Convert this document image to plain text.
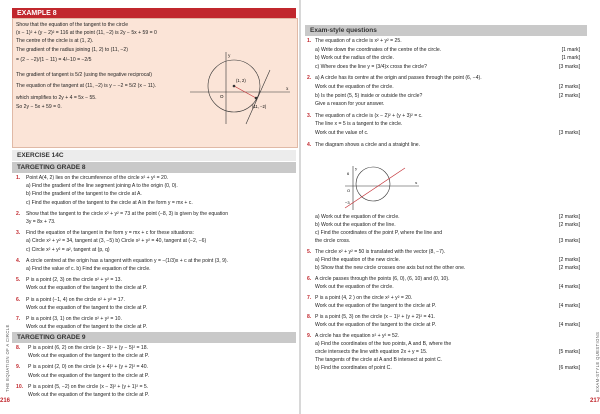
216
THE EQUATION OF A CIRCLE
EXAMPLE 8
Show that the equation of the tangent to the circle
(x − 1)² + (y − 2)² = 116 at the point (11, −2) is 2y − 5x + 59 = 0
The centre of the circle is at (1, 2).
The gradient of the radius joining (1, 2) to (11, −2)
= (2 − −2)/(1 − 11) = 4/−10 = −2/5
The gradient of tangent is 5/2 (using the negative reciprocal)
The equation of the tangent at (11, −2) is y − −2 = 5/2 (x − 11).
which simplifies to 2y + 4 = 5x − 55.
So 2y − 5x + 59 = 0.
y
x
O
(1, 2)
(11, −2)
EXERCISE 14C
TARGETING GRADE 8
1. Point A(4, 2) lies on the circumference of the circle x² + y² = 20.
a) Find the gradient of the line segment joining A to the origin (0, 0).
b) Find the gradient of the tangent to the circle at A.
c) Find the equation of the tangent to the circle at A in the form y = mx + c.
2. Show that the tangent to the circle x² + y² = 73 at the point (−8, 3) is given by the equation
3y = 8x + 73.
3. Find the equation of the tangent in the form y = mx + c for these situations:
a) Circle x² + y² = 34, tangent at (3, −5) b) Circle x² + y² = 40, tangent at (−2, −6)
c) Circle x² + y² = a², tangent at (p, q)
4. A circle centred at the origin has a tangent with equation y = −(1/3)x + c at the point (3, 9).
a) Find the value of c. b) Find the equation of the circle.
5. P is a point (2, 3) on the circle x² + y² = 13.
Work out the equation of the tangent to the circle at P.
6. P is a point (−1, 4) on the circle x² + y² = 17.
Work out the equation of the tangent to the circle at P.
7. P is a point (3, 1) on the circle x² + y² = 10.
Work out the equation of the tangent to the circle at P.
TARGETING GRADE 9
8. P is a point (6, 2) on the circle (x − 3)² + (y − 5)² = 18.
Work out the equation of the tangent to the circle at P.
9. P is a point (2, 0) on the circle (x + 4)² + (y + 2)² = 40.
Work out the equation of the tangent to the circle at P.
10. P is a point (5, −2) on the circle (x − 3)² + (y + 1)² = 5.
Work out the equation of the tangent to the circle at P.
217
EXAM-STYLE QUESTIONS
Exam-style questions
1. The equation of a circle is x² + y² = 25.
a) Write down the coordinates of the centre of the circle.	[1 mark]
b) Work out the radius of the circle.	[1 mark]
c) Where does the line y = (3/4)x cross the circle?	[3 marks]
2. a) A circle has its centre at the origin and passes through the point (6, −4).
Work out the equation of the circle.	[2 marks]
b) Is the point (5, 5) inside or outside the circle?	[2 marks]
Give a reason for your answer.
3. The equation of a circle is (x − 2)² + (y + 3)² = c.
The line x = 5 is a tangent to the circle.
Work out the value of c.	[3 marks]
4. The diagram shows a circle and a straight line.
y
x
O
6
−3
a) Work out the equation of the circle.	[2 marks]
b) Work out the equation of the line.	[2 marks]
c) Find the coordinates of the point P, where the line and
the circle cross.	[3 marks]
5. The circle x² + y² = 50 is translated with the vector (8, −7).
a) Find the equation of the new circle.	[2 marks]
b) Show that the new circle crosses one axis but not the other one.	[2 marks]
6. A circle passes through the points (6, 0), (6, 10) and (0, 10).
Work out the equation of the circle.	[4 marks]
7. P is a point (4, 2 ) on the circle x² + y² = 20.
Work out the equation of the tangent to the circle at P.	[4 marks]
8. P is a point (5, 3) on the circle (x − 1)² + (y + 2)² = 41.
Work out the equation of the tangent to the circle at P.	[4 marks]
9. A circle has the equation x² + y² = 52.
a) Find the coordinates of the two points, A and B, where the
circle intersects the line with equation 2x + y = 15.	[5 marks]
The tangents of the circle at A and B intersect at point C.
b) Find the coordinates of point C.	[6 marks]
